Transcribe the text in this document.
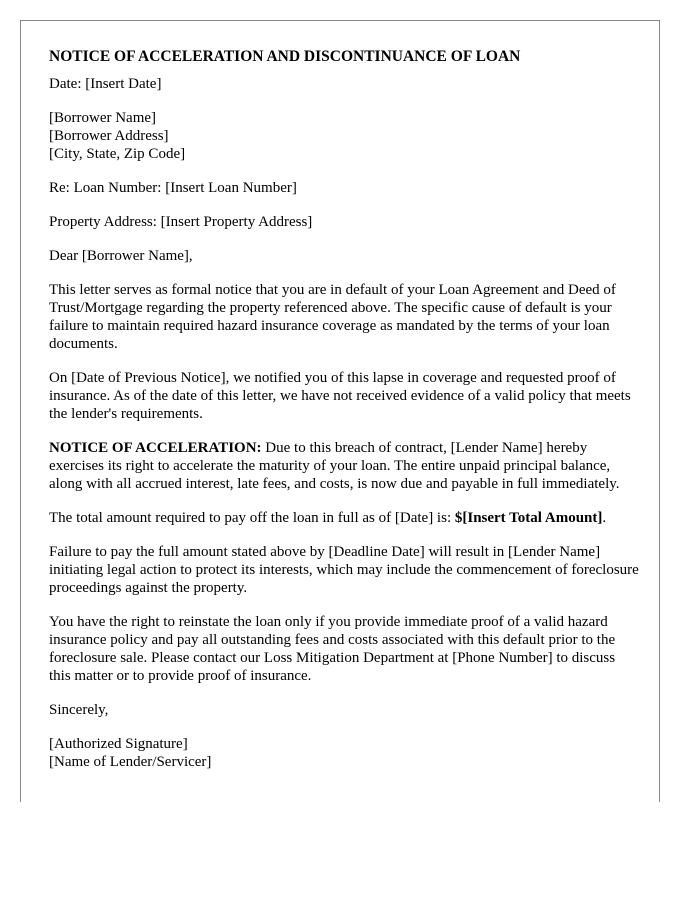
NOTICE OF ACCELERATION AND DISCONTINUANCE OF LOAN

Date: [Insert Date]

[Borrower Name]
[Borrower Address]
[City, State, Zip Code]

Re: Loan Number: [Insert Loan Number]

Property Address: [Insert Property Address]

Dear [Borrower Name],

This letter serves as formal notice that you are in default of your Loan Agreement and Deed of Trust/Mortgage regarding the property referenced above. The specific cause of default is your failure to maintain required hazard insurance coverage as mandated by the terms of your loan documents.

On [Date of Previous Notice], we notified you of this lapse in coverage and requested proof of insurance. As of the date of this letter, we have not received evidence of a valid policy that meets the lender's requirements.

NOTICE OF ACCELERATION: Due to this breach of contract, [Lender Name] hereby exercises its right to accelerate the maturity of your loan. The entire unpaid principal balance, along with all accrued interest, late fees, and costs, is now due and payable in full immediately.

The total amount required to pay off the loan in full as of [Date] is: $[Insert Total Amount].

Failure to pay the full amount stated above by [Deadline Date] will result in [Lender Name] initiating legal action to protect its interests, which may include the commencement of foreclosure proceedings against the property.

You have the right to reinstate the loan only if you provide immediate proof of a valid hazard insurance policy and pay all outstanding fees and costs associated with this default prior to the foreclosure sale. Please contact our Loss Mitigation Department at [Phone Number] to discuss this matter or to provide proof of insurance.

Sincerely,

[Authorized Signature]
[Name of Lender/Servicer]
